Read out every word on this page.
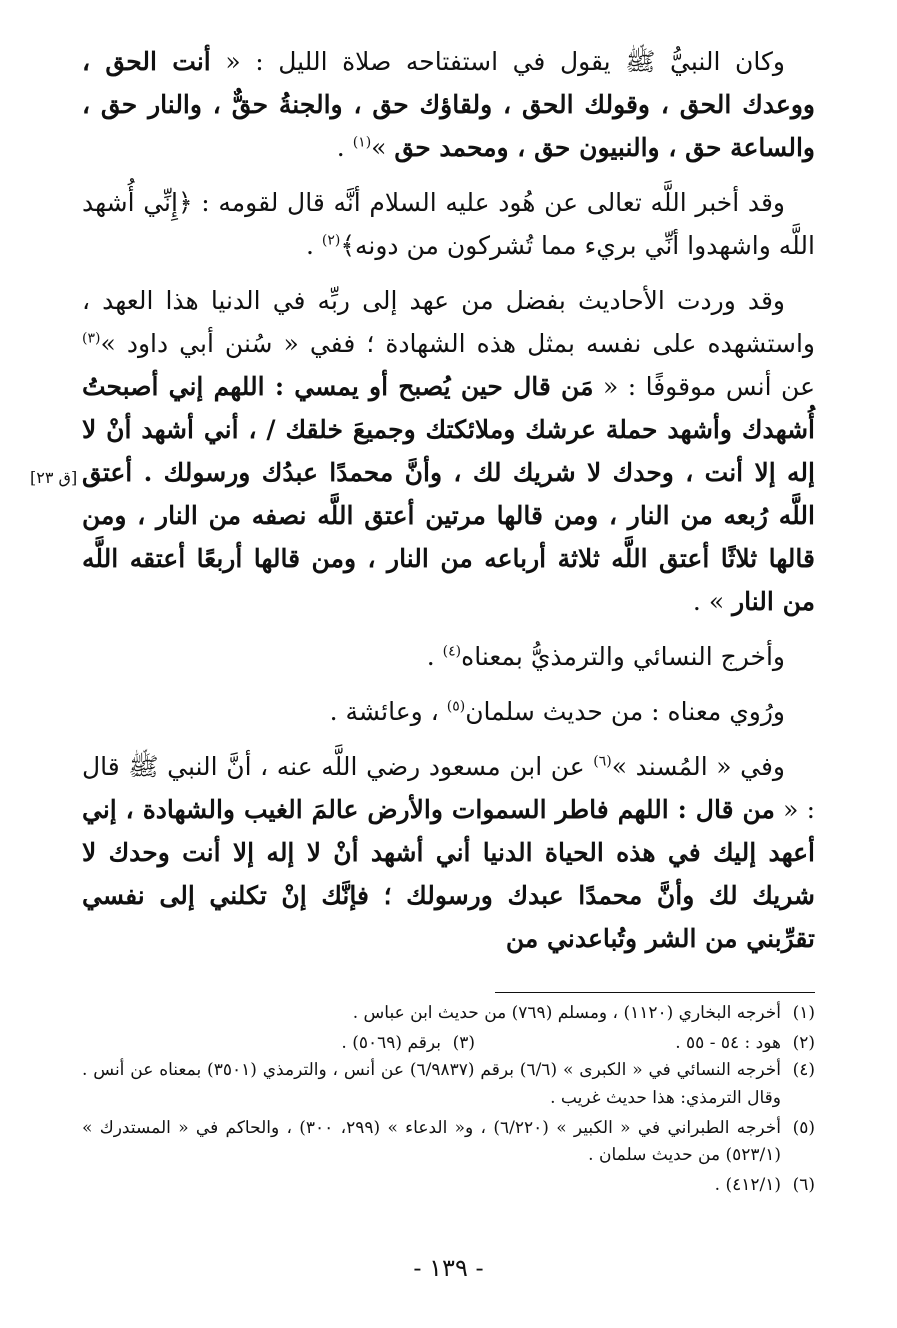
وكان النبيُّ ﷺ يقول في استفتاحه صلاة الليل : « أنت الحق ، ووعدك الحق ، وقولك الحق ، ولقاؤك حق ، والجنةُ حقٌّ ، والنار حق ، والساعة حق ، والنبيون حق ، ومحمد حق »$^{(١)}$ .

وقد أخبر اللَّه تعالى عن هُود عليه السلام أنَّه قال لقومه : ﴿إِنِّي أُشهد اللَّه واشهدوا أنِّي بريء مما تُشركون من دونه﴾$^{(٢)}$ .

وقد وردت الأحاديث بفضل من عهد إلى ربِّه في الدنيا هذا العهد ، واستشهده على نفسه بمثل هذه الشهادة ؛ ففي « سُنن أبي داود »$^{(٣)}$ عن أنس موقوفًا : « مَن قال حين يُصبح أو يمسي : اللهم إني أصبحتُ أُشهدك وأشهد حملة عرشك وملائكتك وجميعَ خلقك / ، أني أشهد أنْ لا إله إلا أنت ، وحدك لا شريك لك ، وأنَّ محمدًا عبدُك ورسولك . أعتق اللَّه رُبعه من النار ، ومن قالها مرتين أعتق اللَّه نصفه من النار ، ومن قالها ثلاثًا أعتق اللَّه ثلاثة أرباعه من النار ، ومن قالها أربعًا أعتقه اللَّه من النار » .

وأخرج النسائي والترمذيُّ بمعناه$^{(٤)}$ .

ورُوي معناه : من حديث سلمان$^{(٥)}$ ، وعائشة .

وفي « المُسند »$^{(٦)}$ عن ابن مسعود رضي اللَّه عنه ، أنَّ النبي ﷺ قال : « من قال : اللهم فاطر السموات والأرض عالمَ الغيب والشهادة ، إني أعهد إليك في هذه الحياة الدنيا أني أشهد أنْ لا إله إلا أنت وحدك لا شريك لك وأنَّ محمدًا عبدك ورسولك ؛ فإنَّك إنْ تكلني إلى نفسي تقرِّبني من الشر وتُباعدني من

[ق ٢٣]
(١)
أخرجه البخاري (١١٢٠) ، ومسلم (٧٦٩) من حديث ابن عباس .
(٢)
هود : ٥٤ - ٥٥ .
(٣)
برقم (٥٠٦٩) .
(٤)
أخرجه النسائي في « الكبرى » (٦/٦) برقم (٦/٩٨٣٧) عن أنس ، والترمذي (٣٥٠١) بمعناه عن أنس . وقال الترمذي: هذا حديث غريب .
(٥)
أخرجه الطبراني في « الكبير » (٦/٢٢٠) ، و« الدعاء » (٢٩٩، ٣٠٠) ، والحاكم في « المستدرك » (٥٢٣/١) من حديث سلمان .
(٦)
(٤١٢/١) .
- ١٣٩ -
